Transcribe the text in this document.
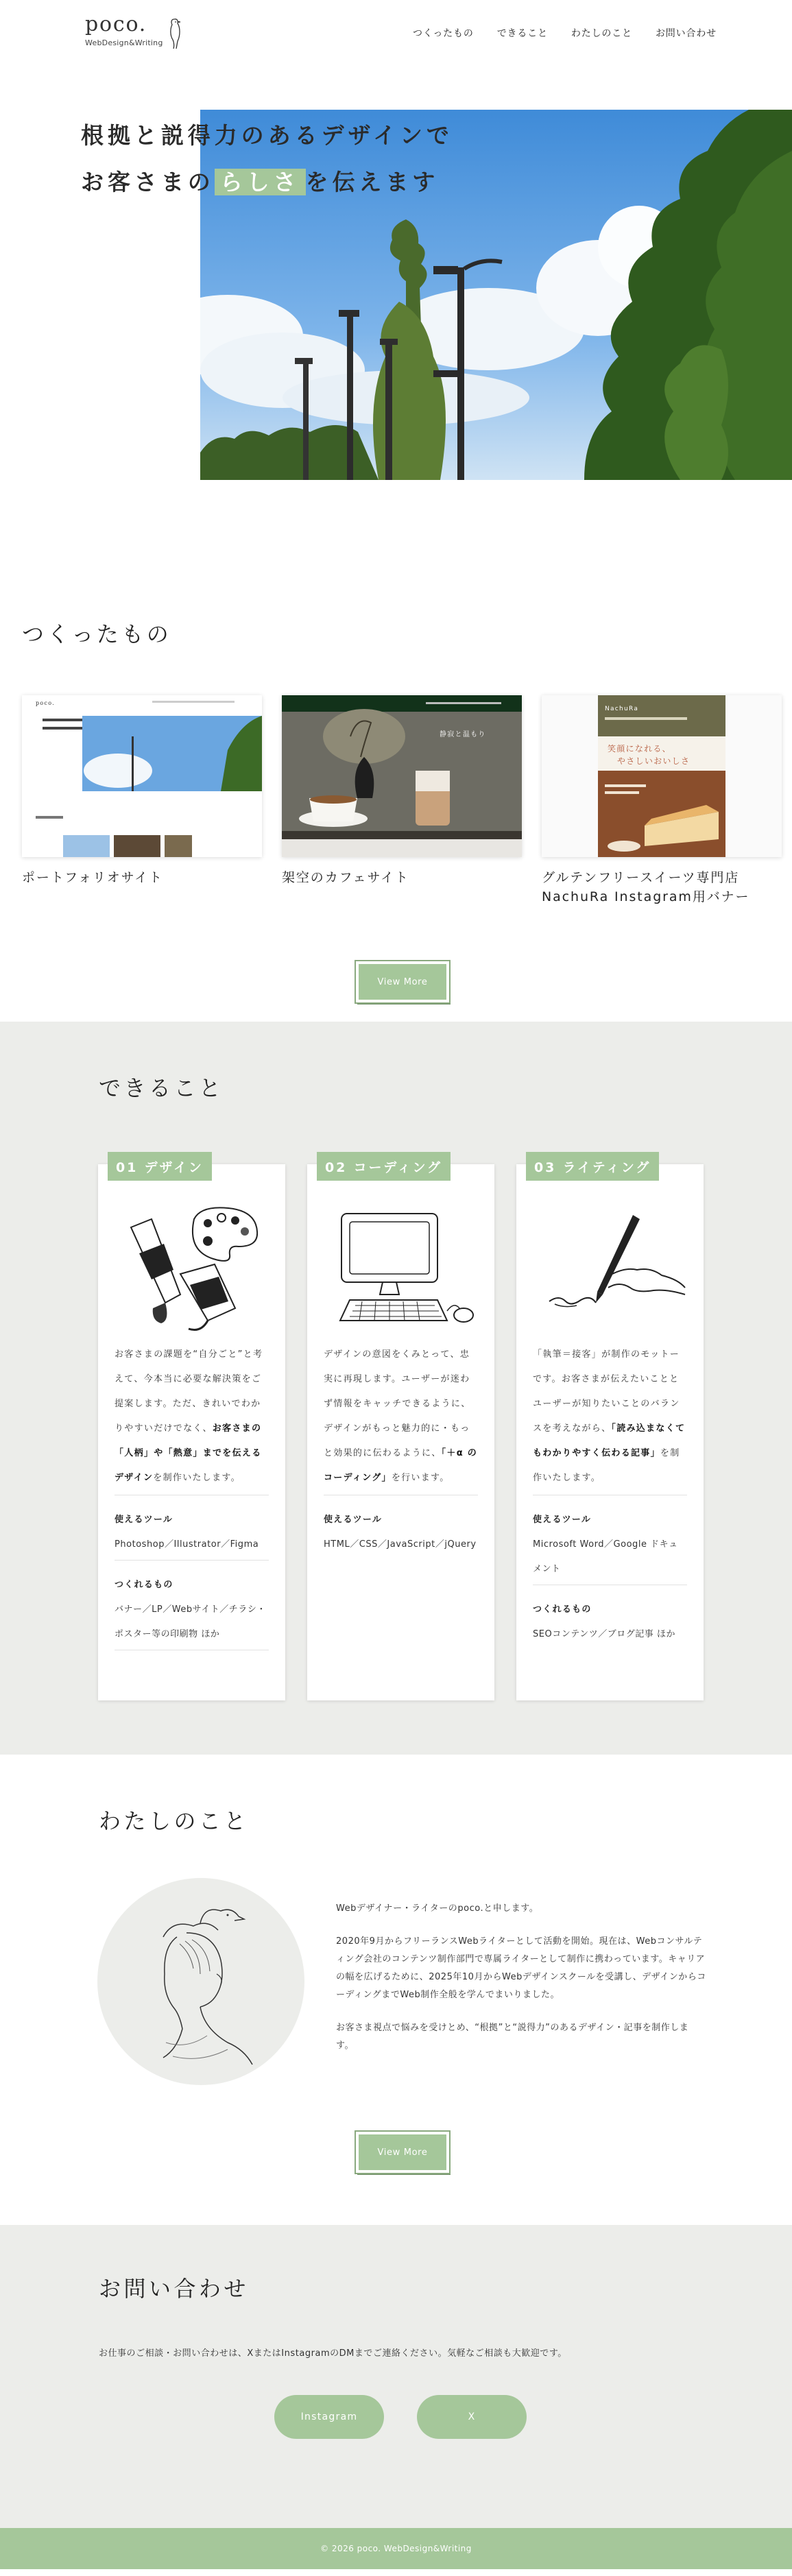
poco.
WebDesign&Writing
つくったもの できること わたしのこと お問い合わせ
根拠と説得力のあるデザインで
お客さまの らしさ を伝えます
つくったもの
poco.
ポートフォリオサイト
静寂と温もり
架空のカフェサイト
NachuRa
笑顔になれる、
やさしいおいしさ
グルテンフリースイーツ専門店
NachuRa Instagram用バナー
View More
できること
01 デザイン

お客さまの課題を“自分ごと”と考えて、今本当に必要な解決策をご提案します。ただ、きれいでわかりやすいだけでなく、お客さまの「人柄」や「熱意」までを伝えるデザインを制作いたします。

使えるツール
Photoshop／Illustrator／Figma
つくれるもの
バナー／LP／Webサイト／チラシ・ポスター等の印刷物 ほか
02 コーディング

デザインの意図をくみとって、忠実に再現します。ユーザーが迷わず情報をキャッチできるように、デザインがもっと魅力的に・もっと効果的に伝わるように、「＋α のコーディング」を行います。

使えるツール
HTML／CSS／JavaScript／jQuery
03 ライティング

「執筆＝接客」が制作のモットーです。お客さまが伝えたいこととユーザーが知りたいことのバランスを考えながら、「読み込まなくてもわかりやすく伝わる記事」を制作いたします。

使えるツール
Microsoft Word／Google ドキュメント
つくれるもの
SEOコンテンツ／ブログ記事 ほか
わたしのこと

Webデザイナー・ライターのpoco.と申します。

2020年9月からフリーランスWebライターとして活動を開始。現在は、Webコンサルティング会社のコンテンツ制作部門で専属ライターとして制作に携わっています。キャリアの幅を広げるために、2025年10月からWebデザインスクールを受講し、デザインからコーディングまでWeb制作全般を学んでまいりました。

お客さま視点で悩みを受けとめ、“根拠”と“説得力”のあるデザイン・記事を制作します。

View More
お問い合わせ

お仕事のご相談・お問い合わせは、XまたはInstagramのDMまでご連絡ください。気軽なご相談も大歓迎です。

Instagram	X
© 2026 poco. WebDesign&Writing
